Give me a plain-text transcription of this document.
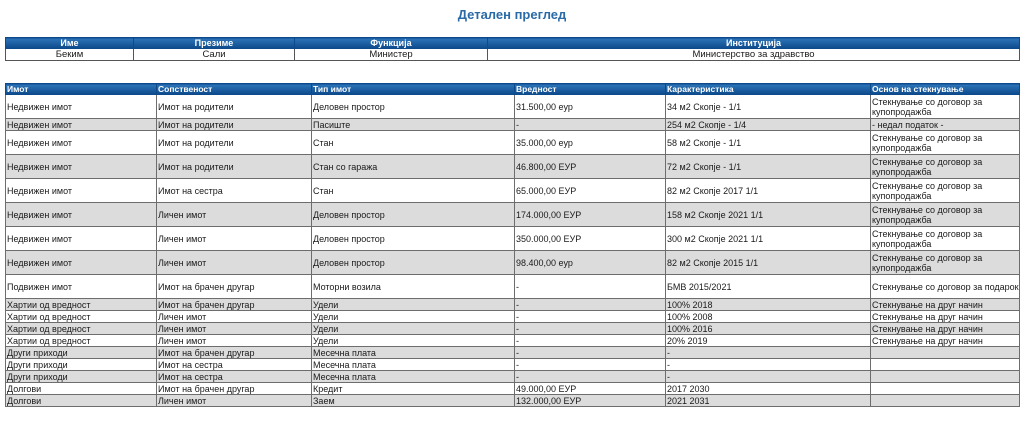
Детален преглед
Име	Презиме	Функција	Институција
Беким	Сали	Министер	Министерство за здравство
Имот	Сопственост	Тип имот	Вредност	Карактеристика	Основ на стекнување
Недвижен имот	Имот на родители	Деловен простор	31.500,00 еур	34 м2 Скопје - 1/1	Стекнување со договор за купопродажба
Недвижен имот	Имот на родители	Пасиште	-	254 м2 Скопје - 1/4	- недал податок -
Недвижен имот	Имот на родители	Стан	35.000,00 еур	58 м2 Скопје - 1/1	Стекнување со договор за купопродажба
Недвижен имот	Имот на родители	Стан со гаража	46.800,00 ЕУР	72 м2 Скопје - 1/1	Стекнување со договор за купопродажба
Недвижен имот	Имот на сестра	Стан	65.000,00 ЕУР	82 м2 Скопје 2017 1/1	Стекнување со договор за купопродажба
Недвижен имот	Личен имот	Деловен простор	174.000,00 ЕУР	158 м2 Скопје 2021 1/1	Стекнување со договор за купопродажба
Недвижен имот	Личен имот	Деловен простор	350.000,00 ЕУР	300 м2 Скопје 2021 1/1	Стекнување со договор за купопродажба
Недвижен имот	Личен имот	Деловен простор	98.400,00 еур	82 м2 Скопје 2015 1/1	Стекнување со договор за купопродажба
Подвижен имот	Имот на брачен другар	Моторни возила	-	БМВ 2015/2021	Стекнување со договор за подарок
Хартии од вредност	Имот на брачен другар	Удели	-	100% 2018	Стекнување на друг начин
Хартии од вредност	Личен имот	Удели	-	100% 2008	Стекнување на друг начин
Хартии од вредност	Личен имот	Удели	-	100% 2016	Стекнување на друг начин
Хартии од вредност	Личен имот	Удели	-	20% 2019	Стекнување на друг начин
Други приходи	Имот на брачен другар	Месечна плата	-	-	
Други приходи	Имот на сестра	Месечна плата	-	-	
Други приходи	Имот на сестра	Месечна плата	-	-	
Долгови	Имот на брачен другар	Кредит	49.000,00 ЕУР	2017 2030	
Долгови	Личен имот	Заем	132.000,00 ЕУР	2021 2031	
